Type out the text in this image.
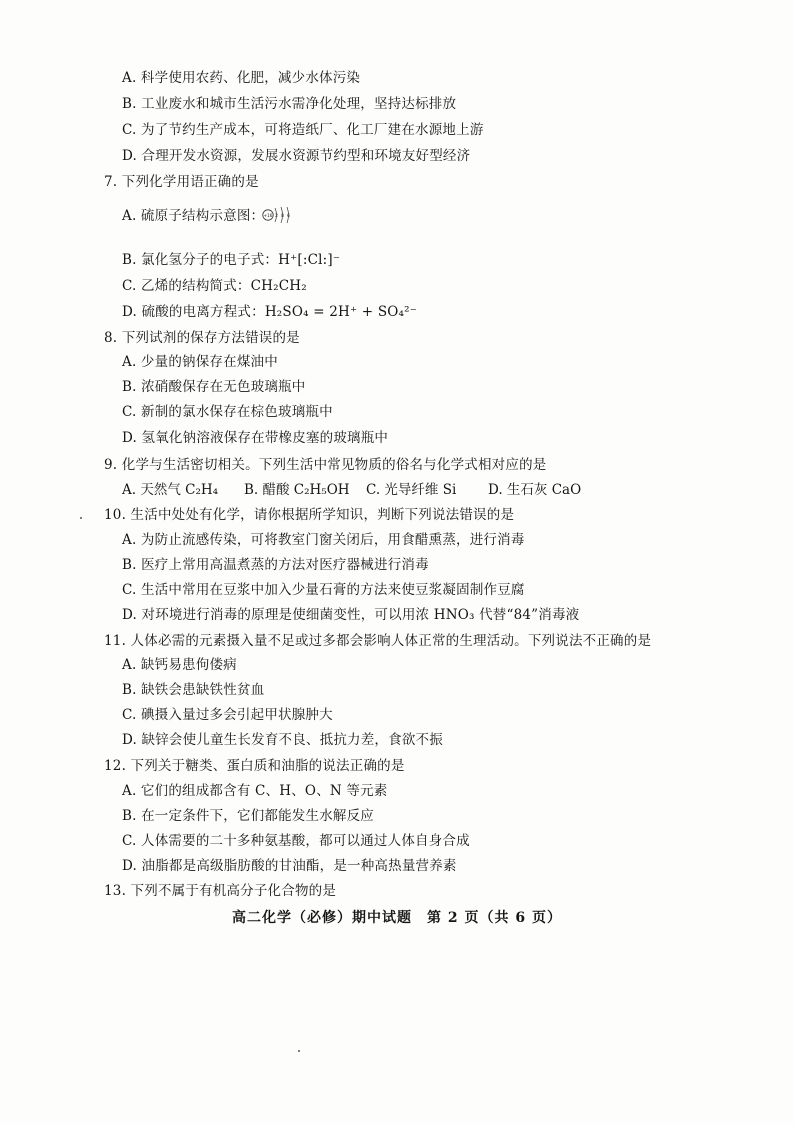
A. 科学使用农药、化肥，减少水体污染
B. 工业废水和城市生活污水需净化处理，坚持达标排放
C. 为了节约生产成本，可将造纸厂、化工厂建在水源地上游
D. 合理开发水资源，发展水资源节约型和环境友好型经济
7. 下列化学用语正确的是
A. 硫原子结构示意图： +16 2 8 6
B. 氯化氢分子的电子式：H⁺[:Cl:]⁻
C. 乙烯的结构简式：CH₂CH₂
D. 硫酸的电离方程式：H₂SO₄ = 2H⁺ + SO₄²⁻
8. 下列试剂的保存方法错误的是
A. 少量的钠保存在煤油中
B. 浓硝酸保存在无色玻璃瓶中
C. 新制的氯水保存在棕色玻璃瓶中
D. 氢氧化钠溶液保存在带橡皮塞的玻璃瓶中
9. 化学与生活密切相关。下列生活中常见物质的俗名与化学式相对应的是
A. 天然气 C₂H₄ B. 醋酸 C₂H₅OH C. 光导纤维 Si D. 生石灰 CaO
10. 生活中处处有化学，请你根据所学知识，判断下列说法错误的是
A. 为防止流感传染，可将教室门窗关闭后，用食醋熏蒸，进行消毒
B. 医疗上常用高温煮蒸的方法对医疗器械进行消毒
C. 生活中常用在豆浆中加入少量石膏的方法来使豆浆凝固制作豆腐
D. 对环境进行消毒的原理是使细菌变性，可以用浓 HNO₃ 代替“84”消毒液
11. 人体必需的元素摄入量不足或过多都会影响人体正常的生理活动。下列说法不正确的是
A. 缺钙易患佝偻病
B. 缺铁会患缺铁性贫血
C. 碘摄入量过多会引起甲状腺肿大
D. 缺锌会使儿童生长发育不良、抵抗力差，食欲不振
12. 下列关于糖类、蛋白质和油脂的说法正确的是
A. 它们的组成都含有 C、H、O、N 等元素
B. 在一定条件下，它们都能发生水解反应
C. 人体需要的二十多种氨基酸，都可以通过人体自身合成
D. 油脂都是高级脂肪酸的甘油酯，是一种高热量营养素
13. 下列不属于有机高分子化合物的是
高二化学（必修）期中试题　第 2 页（共 6 页）
